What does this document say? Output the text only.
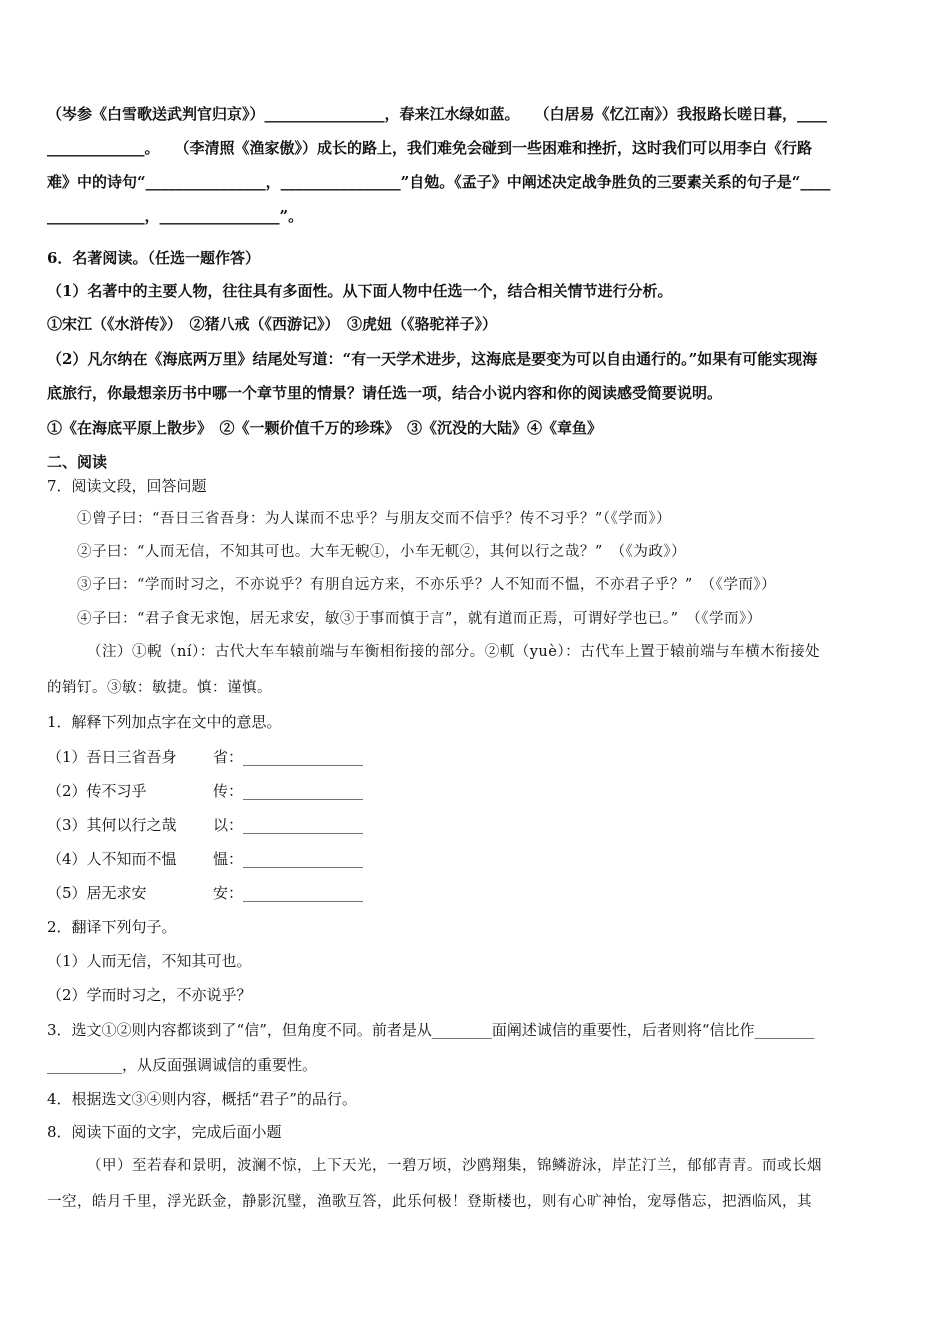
（岑参《白雪歌送武判官归京》）________________，春来江水绿如蓝。　　（白居易《忆江南》）我报路长嗟日暮，____
_____________。　　（李清照《渔家傲》）成长的路上，我们难免会碰到一些困难和挫折，这时我们可以用李白《行路
难》中的诗句“________________，________________”自勉。《孟子》中阐述决定战争胜负的三要素关系的句子是“____
_____________，________________”。
6．名著阅读。（任选一题作答）
（1）名著中的主要人物，往往具有多面性。从下面人物中任选一个，结合相关情节进行分析。
①宋江（《水浒传》）　②猪八戒（《西游记》）　③虎妞（《骆驼祥子》）
（2）凡尔纳在《海底两万里》结尾处写道：“有一天学术进步，这海底是要变为可以自由通行的。”如果有可能实现海
底旅行，你最想亲历书中哪一个章节里的情景？请任选一项，结合小说内容和你的阅读感受简要说明。
①《在海底平原上散步》　②《一颗价值千万的珍珠》　③《沉没的大陆》④《章鱼》
二、阅读
7．阅读文段，回答问题
①曾子曰：“吾日三省吾身：为人谋而不忠乎？与朋友交而不信乎？传不习乎？”（《学而》）
②子曰：“人而无信，不知其可也。大车无輗①，小车无軏②，其何以行之哉？”　（《为政》）
③子曰：“学而时习之，不亦说乎？有朋自远方来，不亦乐乎？人不知而不愠，不亦君子乎？”　（《学而》）
④子曰：“君子食无求饱，居无求安，敏③于事而慎于言”，就有道而正焉，可谓好学也已。”　（《学而》）
（注）①輗（ní）：古代大车车辕前端与车衡相衔接的部分。②軏（yuè）：古代车上置于辕前端与车横木衔接处
的销钉。③敏：敏捷。慎：谨慎。
1．解释下列加点字在文中的意思。
（1）吾日三省吾身 省：________________
（2）传不习乎	传：________________
（3）其何以行之哉 以：________________
（4）人不知而不愠 愠：________________
（5）居无求安	安：________________
2．翻译下列句子。
（1）人而无信，不知其可也。
（2）学而时习之，不亦说乎？
3．选文①②则内容都谈到了“信”，但角度不同。前者是从________面阐述诚信的重要性，后者则将“信比作________
__________，从反面强调诚信的重要性。
4．根据选文③④则内容，概括“君子”的品行。
8．阅读下面的文字，完成后面小题
（甲）至若春和景明，波澜不惊，上下天光，一碧万顷，沙鸥翔集，锦鳞游泳，岸芷汀兰，郁郁青青。而或长烟
一空，皓月千里，浮光跃金，静影沉璧，渔歌互答，此乐何极！登斯楼也，则有心旷神怡，宠辱偕忘，把酒临风，其
